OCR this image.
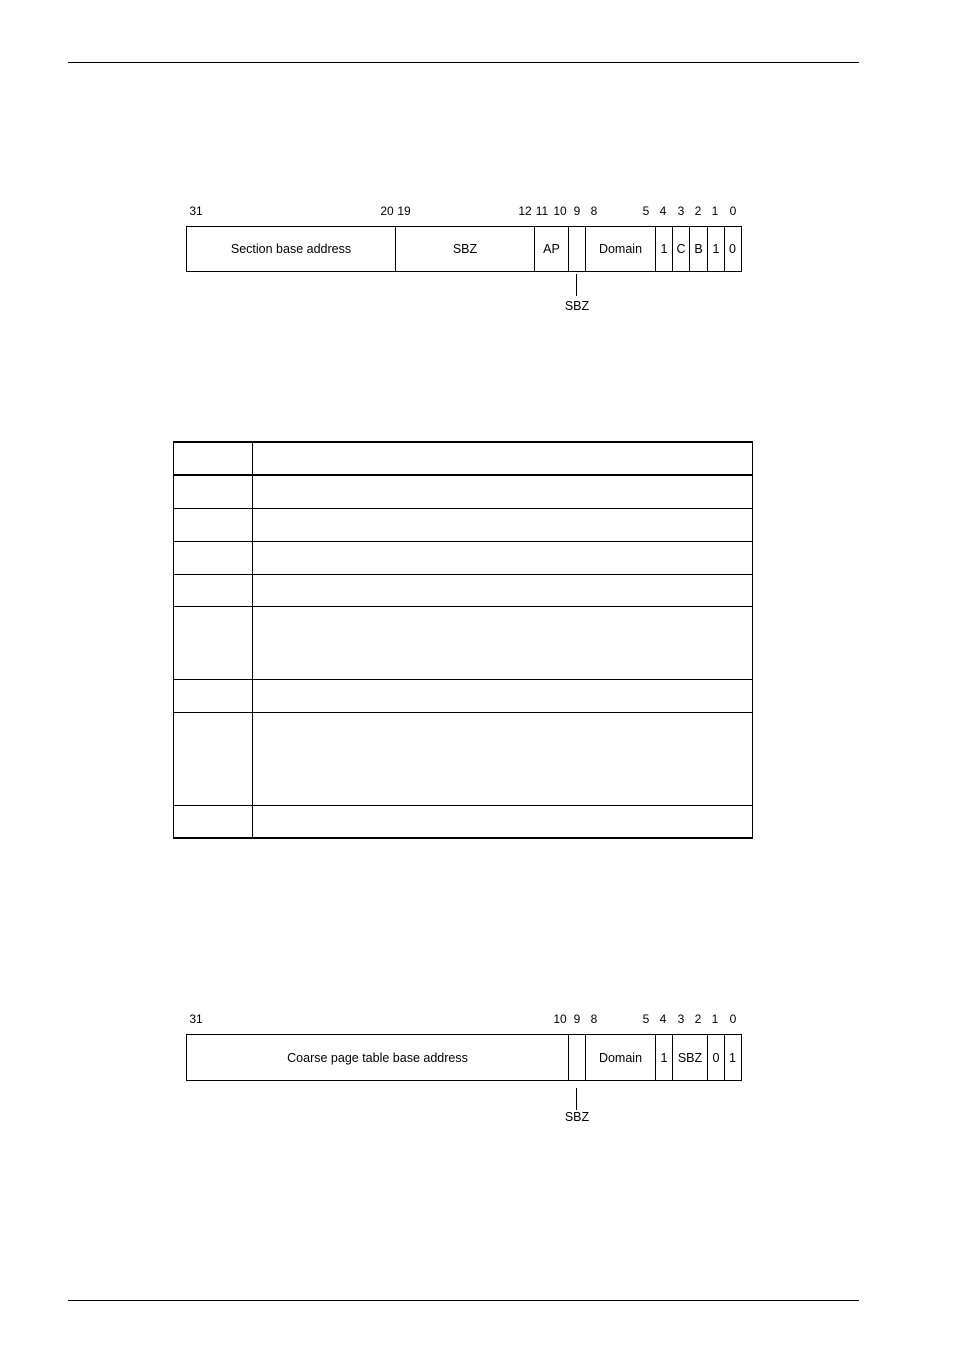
31	20 19	12 11 10 9 8	5 4 3 2 1 0
Section base address	SBZ	AP	Domain	1 C B 1 0
SBZ
31	10 9 8	5 4 3 2 1 0
Coarse page table base address	Domain	1 SBZ 0 1
SBZ
